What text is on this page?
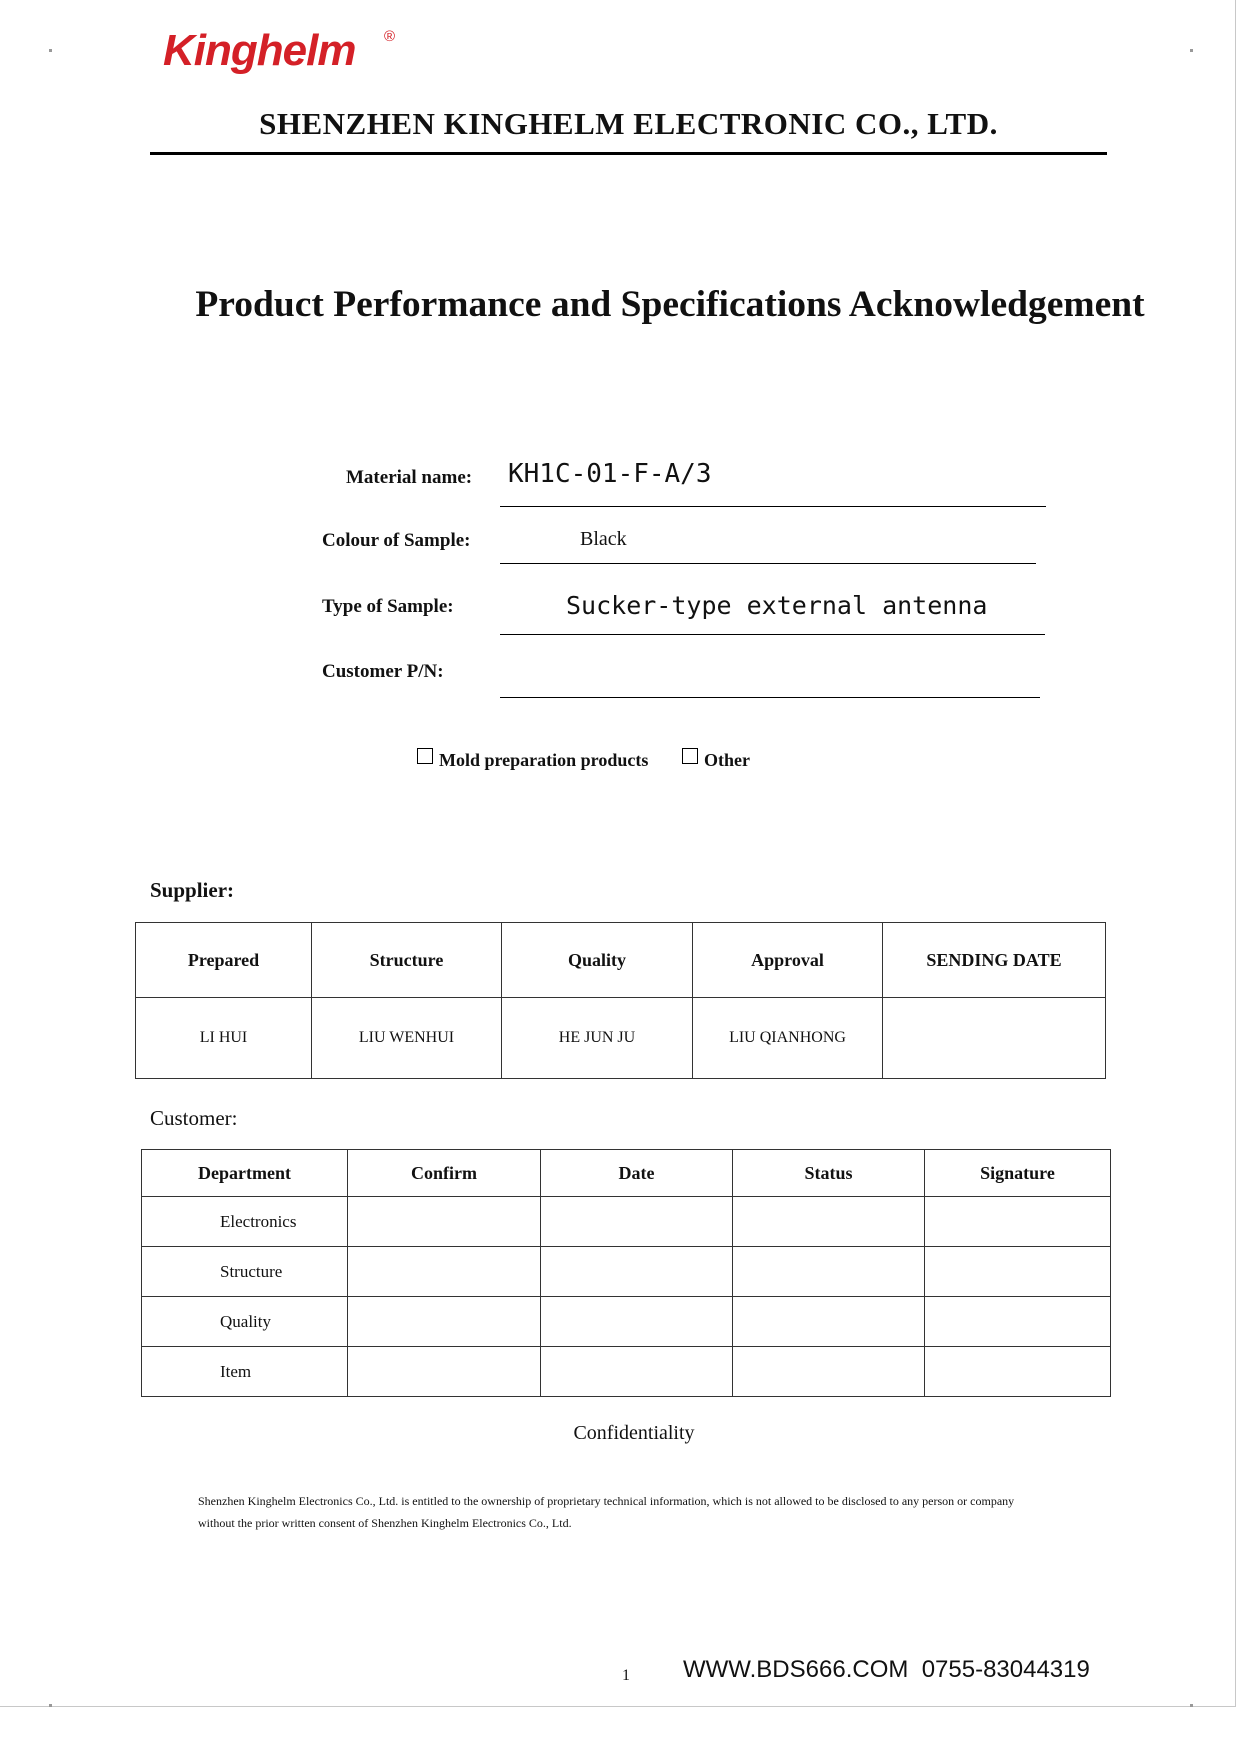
Kinghelm ®
SHENZHEN KINGHELM ELECTRONIC CO., LTD.
Product Performance and Specifications Acknowledgement
Material name: KH1C-01-F-A/3
Colour of Sample:	Black
Type of Sample:	Sucker-type external antenna
Customer P/N:
Mold preparation products	Other
Supplier:
Prepared	Structure	Quality	Approval	SENDING DATE
LI HUI	LIU WENHUI	HE JUN JU	LIU QIANHONG	
Customer:
Department	Confirm	Date	Status	Signature
Electronics				
Structure				
Quality				
Item				
Confidentiality
Shenzhen Kinghelm Electronics Co., Ltd. is entitled to the ownership of proprietary technical information, which is not allowed to be disclosed to any person or company
without the prior written consent of Shenzhen Kinghelm Electronics Co., Ltd.
1 WWW.BDS666.COM  0755-83044319
